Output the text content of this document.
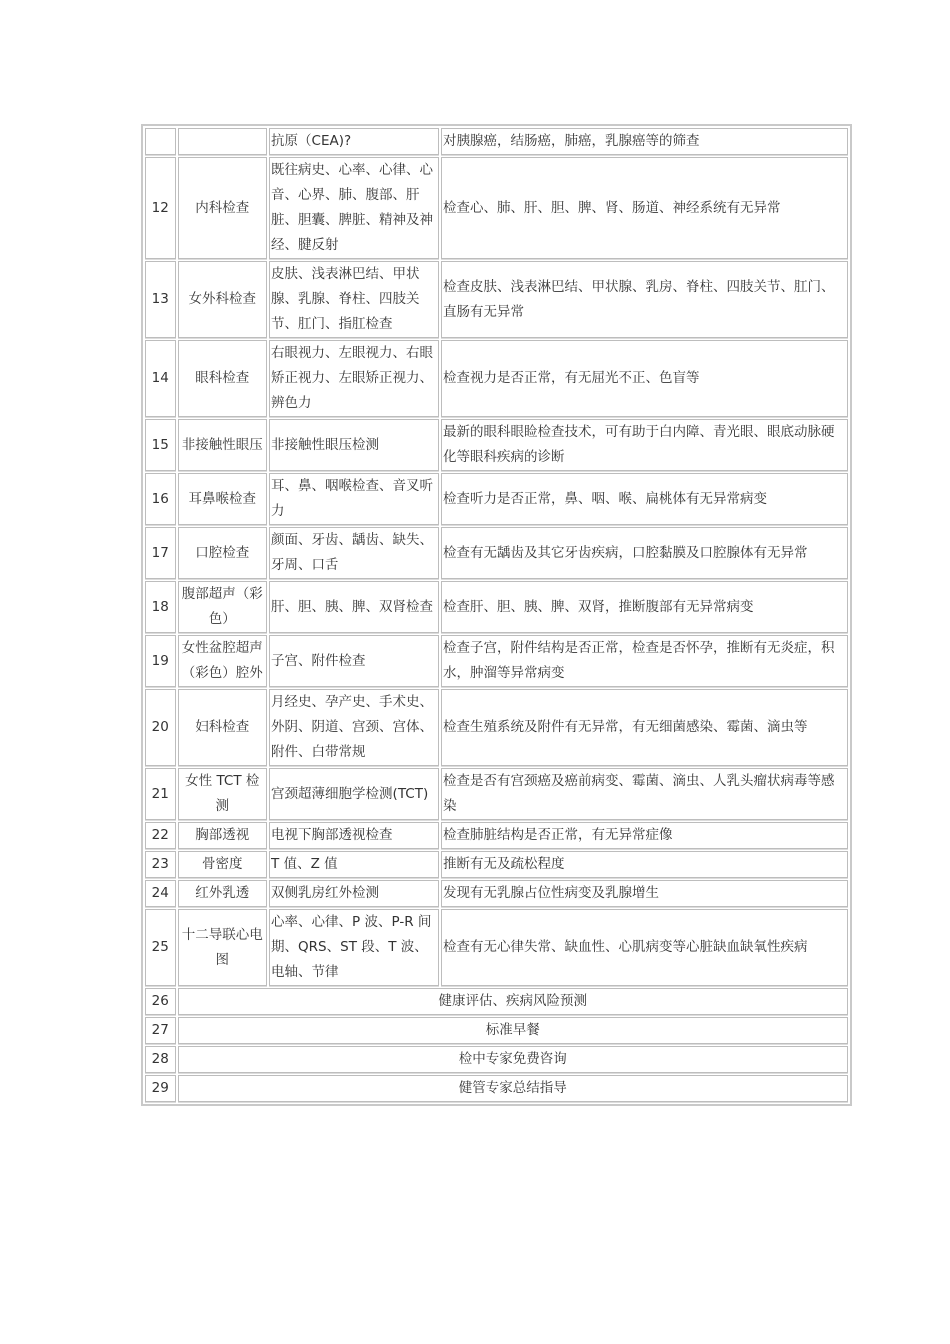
		抗原（CEA)?	对胰腺癌，结肠癌，肺癌，乳腺癌等的筛查
12	内科检查	既往病史、心率、心律、心音、心界、肺、腹部、肝脏、胆囊、脾脏、精神及神经、腱反射	检查心、肺、肝、胆、脾、肾、肠道、神经系统有无异常
13	女外科检查	皮肤、浅表淋巴结、甲状腺、乳腺、脊柱、四肢关节、肛门、指肛检查	检查皮肤、浅表淋巴结、甲状腺、乳房、脊柱、四肢关节、肛门、直肠有无异常
14	眼科检查	右眼视力、左眼视力、右眼矫正视力、左眼矫正视力、辨色力	检查视力是否正常，有无屈光不正、色盲等
15	非接触性眼压	非接触性眼压检测	最新的眼科眼睑检查技术，可有助于白内障、青光眼、眼底动脉硬化等眼科疾病的诊断
16	耳鼻喉检查	耳、鼻、咽喉检查、音叉听力	检查听力是否正常，鼻、咽、喉、扁桃体有无异常病变
17	口腔检查	颜面、牙齿、龋齿、缺失、牙周、口舌	检查有无龋齿及其它牙齿疾病，口腔黏膜及口腔腺体有无异常
18	腹部超声（彩色）	肝、胆、胰、脾、双肾检查	检查肝、胆、胰、脾、双肾，推断腹部有无异常病变
19	女性盆腔超声（彩色）腔外	子宫、附件检查	检查子宫，附件结构是否正常，检查是否怀孕，推断有无炎症，积水，肿溜等异常病变
20	妇科检查	月经史、孕产史、手术史、外阴、阴道、宫颈、宫体、附件、白带常规	检查生殖系统及附件有无异常，有无细菌感染、霉菌、滴虫等
21	女性 TCT 检测	宫颈超薄细胞学检测(TCT)	检查是否有宫颈癌及癌前病变、霉菌、滴虫、人乳头瘤状病毒等感染
22	胸部透视	电视下胸部透视检查	检查肺脏结构是否正常，有无异常症像
23	骨密度	T 值、Z 值	推断有无及疏松程度
24	红外乳透	双侧乳房红外检测	发现有无乳腺占位性病变及乳腺增生
25	十二导联心电图	心率、心律、P 波、P-R 间期、QRS、ST 段、T 波、电轴、节律	检查有无心律失常、缺血性、心肌病变等心脏缺血缺氧性疾病
26	健康评估、疾病风险预测		
27	标准早餐		
28	检中专家免费咨询		
29	健管专家总结指导		
